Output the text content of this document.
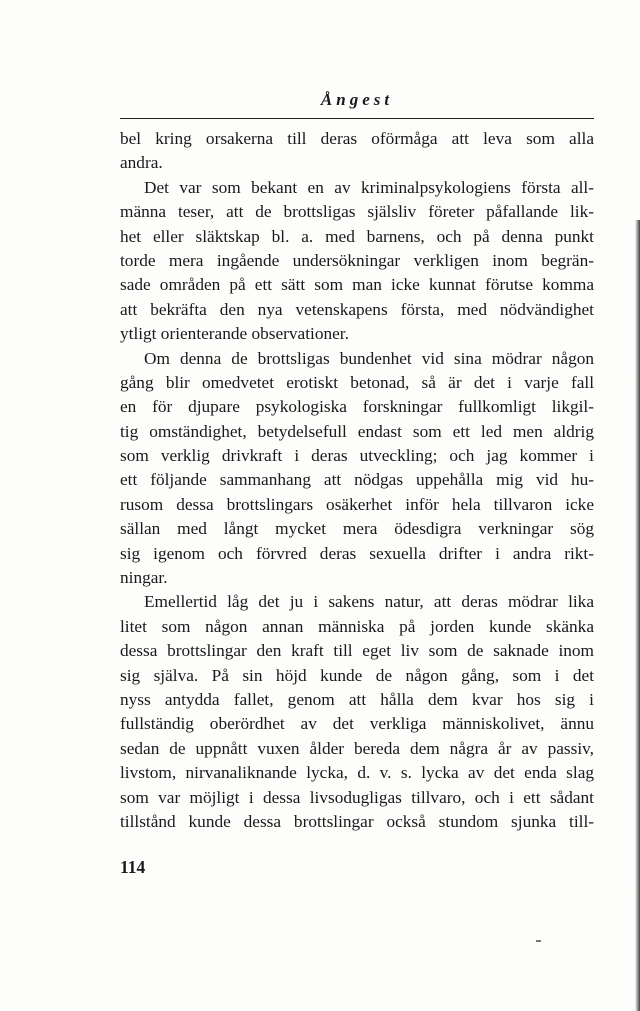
Ångest
bel kring orsakerna till deras oförmåga att leva som alla
andra.
Det var som bekant en av kriminalpsykologiens första all-
männa teser, att de brottsligas själsliv företer påfallande lik-
het eller släktskap bl. a. med barnens, och på denna punkt
torde mera ingående undersökningar verkligen inom begrän-
sade områden på ett sätt som man icke kunnat förutse komma
att bekräfta den nya vetenskapens första, med nödvändighet
ytligt orienterande observationer.
Om denna de brottsligas bundenhet vid sina mödrar någon
gång blir omedvetet erotiskt betonad, så är det i varje fall
en för djupare psykologiska forskningar fullkomligt likgil-
tig omständighet, betydelsefull endast som ett led men aldrig
som verklig drivkraft i deras utveckling; och jag kommer i
ett följande sammanhang att nödgas uppehålla mig vid hu-
rusom dessa brottslingars osäkerhet inför hela tillvaron icke
sällan med långt mycket mera ödesdigra verkningar sög
sig igenom och förvred deras sexuella drifter i andra rikt-
ningar.
Emellertid låg det ju i sakens natur, att deras mödrar lika
litet som någon annan människa på jorden kunde skänka
dessa brottslingar den kraft till eget liv som de saknade inom
sig själva. På sin höjd kunde de någon gång, som i det
nyss antydda fallet, genom att hålla dem kvar hos sig i
fullständig oberördhet av det verkliga människolivet, ännu
sedan de uppnått vuxen ålder bereda dem några år av passiv,
livstom, nirvanaliknande lycka, d. v. s. lycka av det enda slag
som var möjligt i dessa livsodugligas tillvaro, och i ett sådant
tillstånd kunde dessa brottslingar också stundom sjunka till-
114
